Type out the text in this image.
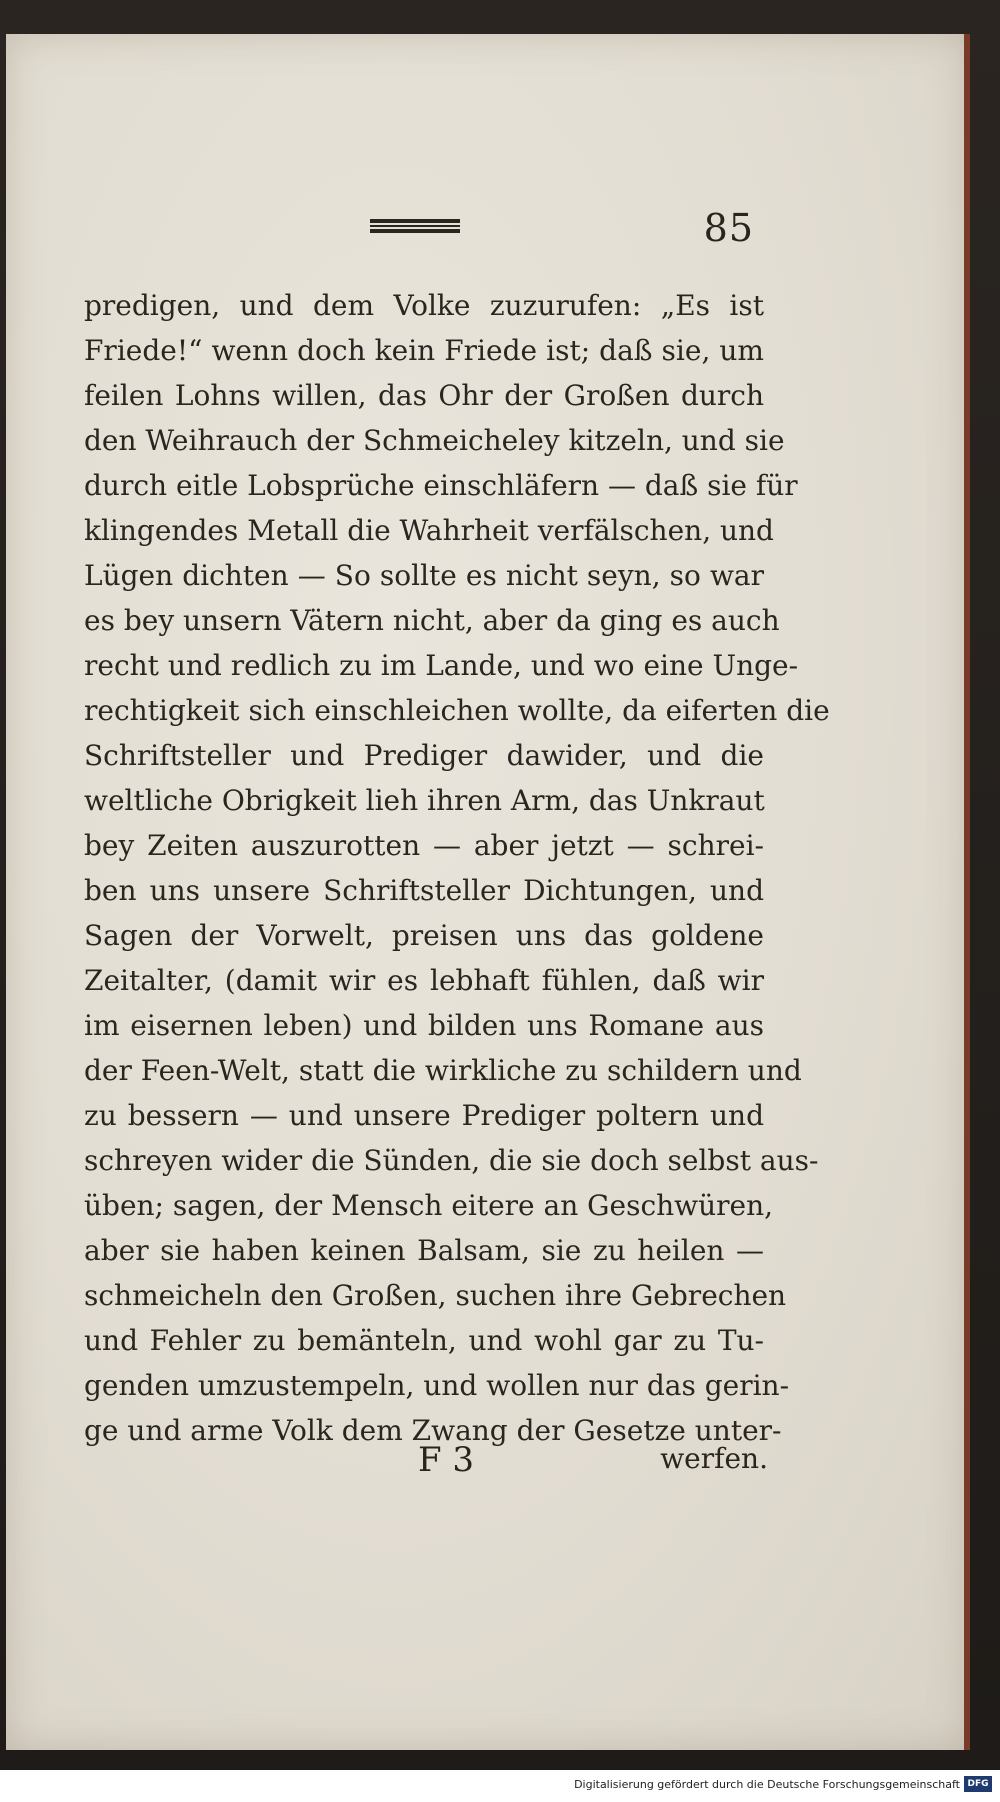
85
predigen, und dem Volke zuzurufen: „Es ist
Friede!“ wenn doch kein Friede ist; daß sie, um
feilen Lohns willen, das Ohr der Großen durch
den Weihrauch der Schmeicheley kitzeln, und sie
durch eitle Lobsprüche einschläfern — daß sie für
klingendes Metall die Wahrheit verfälschen, und
Lügen dichten — So sollte es nicht seyn, so war
es bey unsern Vätern nicht, aber da ging es auch
recht und redlich zu im Lande, und wo eine Unge-
rechtigkeit sich einschleichen wollte, da eiferten die
Schriftsteller und Prediger dawider, und die
weltliche Obrigkeit lieh ihren Arm, das Unkraut
bey Zeiten auszurotten — aber jetzt — schrei-
ben uns unsere Schriftsteller Dichtungen, und
Sagen der Vorwelt, preisen uns das goldene
Zeitalter, (damit wir es lebhaft fühlen, daß wir
im eisernen leben) und bilden uns Romane aus
der Feen-Welt, statt die wirkliche zu schildern und
zu bessern — und unsere Prediger poltern und
schreyen wider die Sünden, die sie doch selbst aus-
üben; sagen, der Mensch eitere an Geschwüren,
aber sie haben keinen Balsam, sie zu heilen —
schmeicheln den Großen, suchen ihre Gebrechen
und Fehler zu bemänteln, und wohl gar zu Tu-
genden umzustempeln, und wollen nur das gerin-
ge und arme Volk dem Zwang der Gesetze unter-
F 3	werfen.
Digitalisierung gefördert durch die Deutsche Forschungsgemeinschaft DFG
